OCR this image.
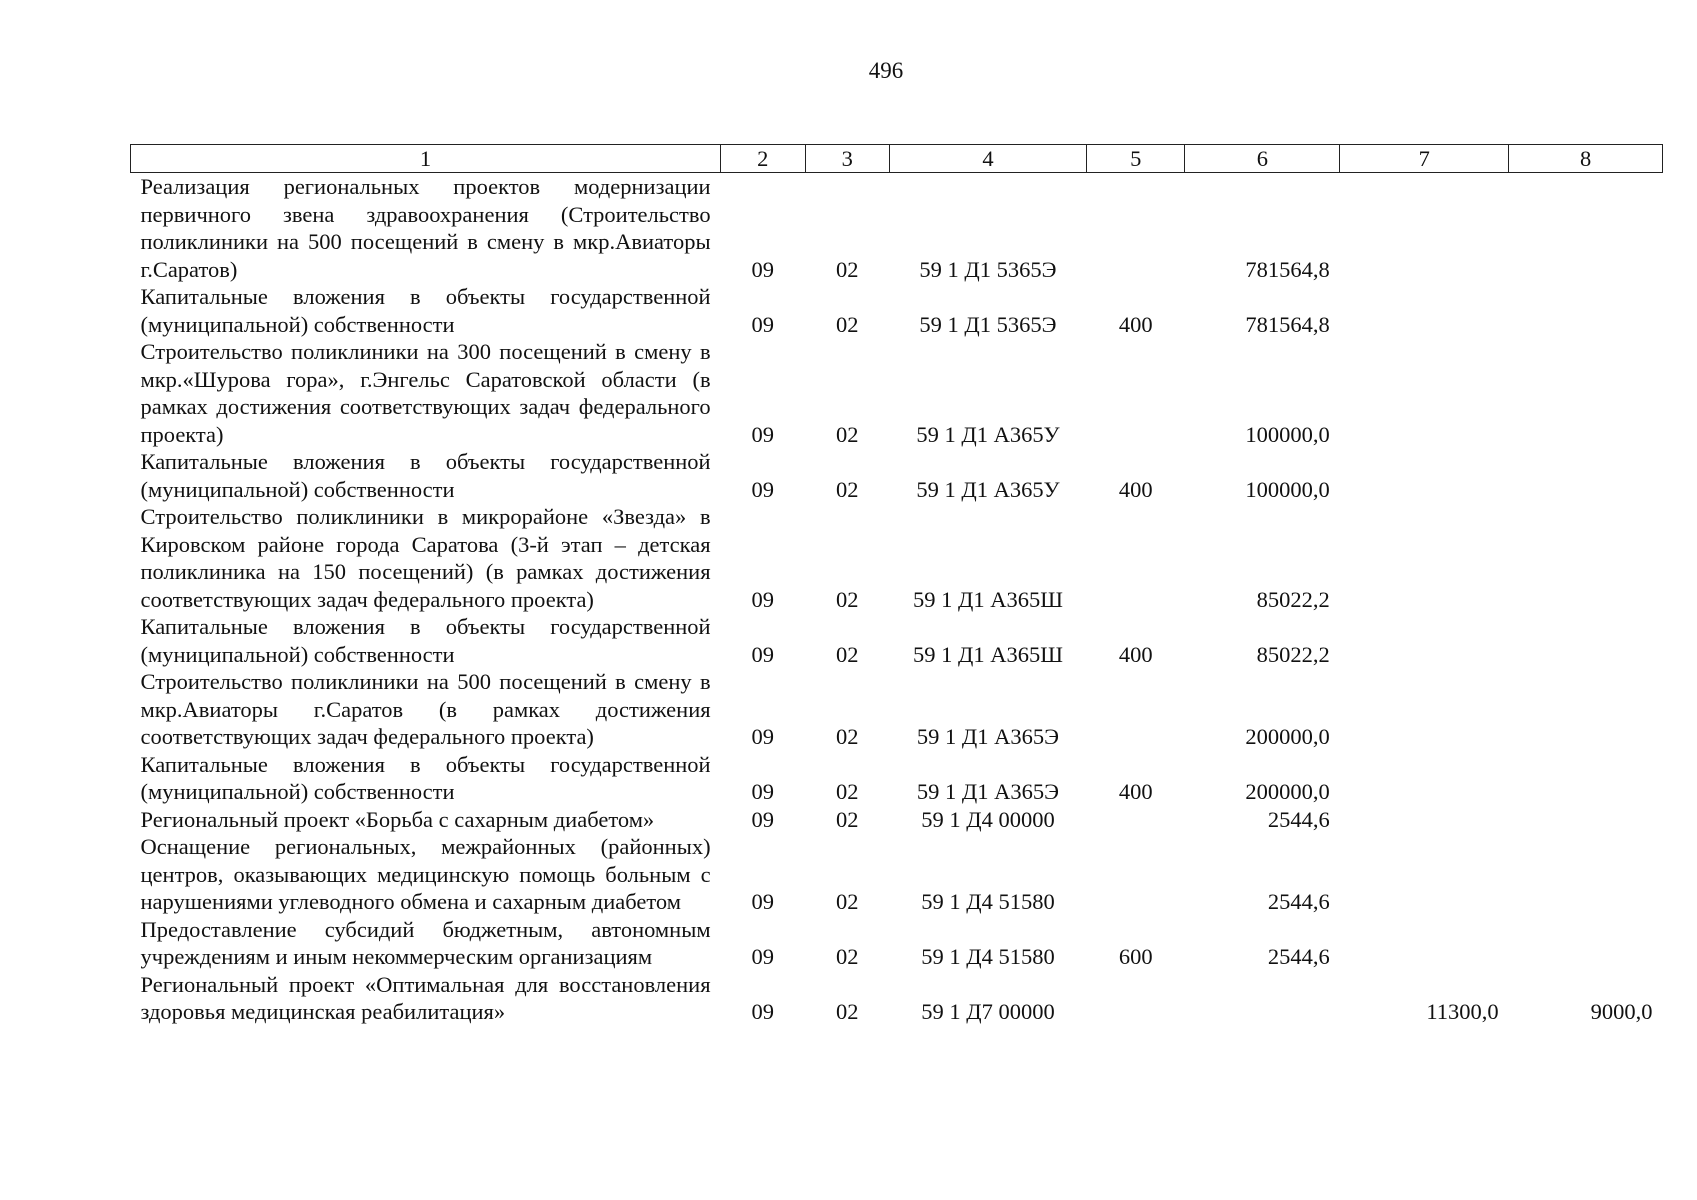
496
1	2	3	4	5	6	7	8
Реализация региональных проектов модернизации первичного звена здравоохранения (Строительство поликлиники на 500 посещений в смену в мкр.Авиаторы г.Саратов)	09	02	59 1 Д1 5365Э		781564,8		
Капитальные вложения в объекты государственной (муниципальной) собственности	09	02	59 1 Д1 5365Э	400	781564,8		
Строительство поликлиники на 300 посещений в смену в мкр.«Шурова гора», г.Энгельс Саратовской области (в рамках достижения соответствующих задач федерального проекта)	09	02	59 1 Д1 А365У		100000,0		
Капитальные вложения в объекты государственной (муниципальной) собственности	09	02	59 1 Д1 А365У	400	100000,0		
Строительство поликлиники в микрорайоне «Звезда» в Кировском районе города Саратова (3-й этап – детская поликлиника на 150 посещений) (в рамках достижения соответствующих задач федерального проекта)	09	02	59 1 Д1 А365Ш		85022,2		
Капитальные вложения в объекты государственной (муниципальной) собственности	09	02	59 1 Д1 А365Ш	400	85022,2		
Строительство поликлиники на 500 посещений в смену в мкр.Авиаторы г.Саратов (в рамках достижения соответствующих задач федерального проекта)	09	02	59 1 Д1 А365Э		200000,0		
Капитальные вложения в объекты государственной (муниципальной) собственности	09	02	59 1 Д1 А365Э	400	200000,0		
Региональный проект «Борьба с сахарным диабетом»	09	02	59 1 Д4 00000		2544,6		
Оснащение региональных, межрайонных (районных) центров, оказывающих медицинскую помощь больным с нарушениями углеводного обмена и сахарным диабетом	09	02	59 1 Д4 51580		2544,6		
Предоставление субсидий бюджетным, автономным учреждениям и иным некоммерческим организациям	09	02	59 1 Д4 51580	600	2544,6		
Региональный проект «Оптимальная для восстановления здоровья медицинская реабилитация»	09	02	59 1 Д7 00000			11300,0	9000,0
